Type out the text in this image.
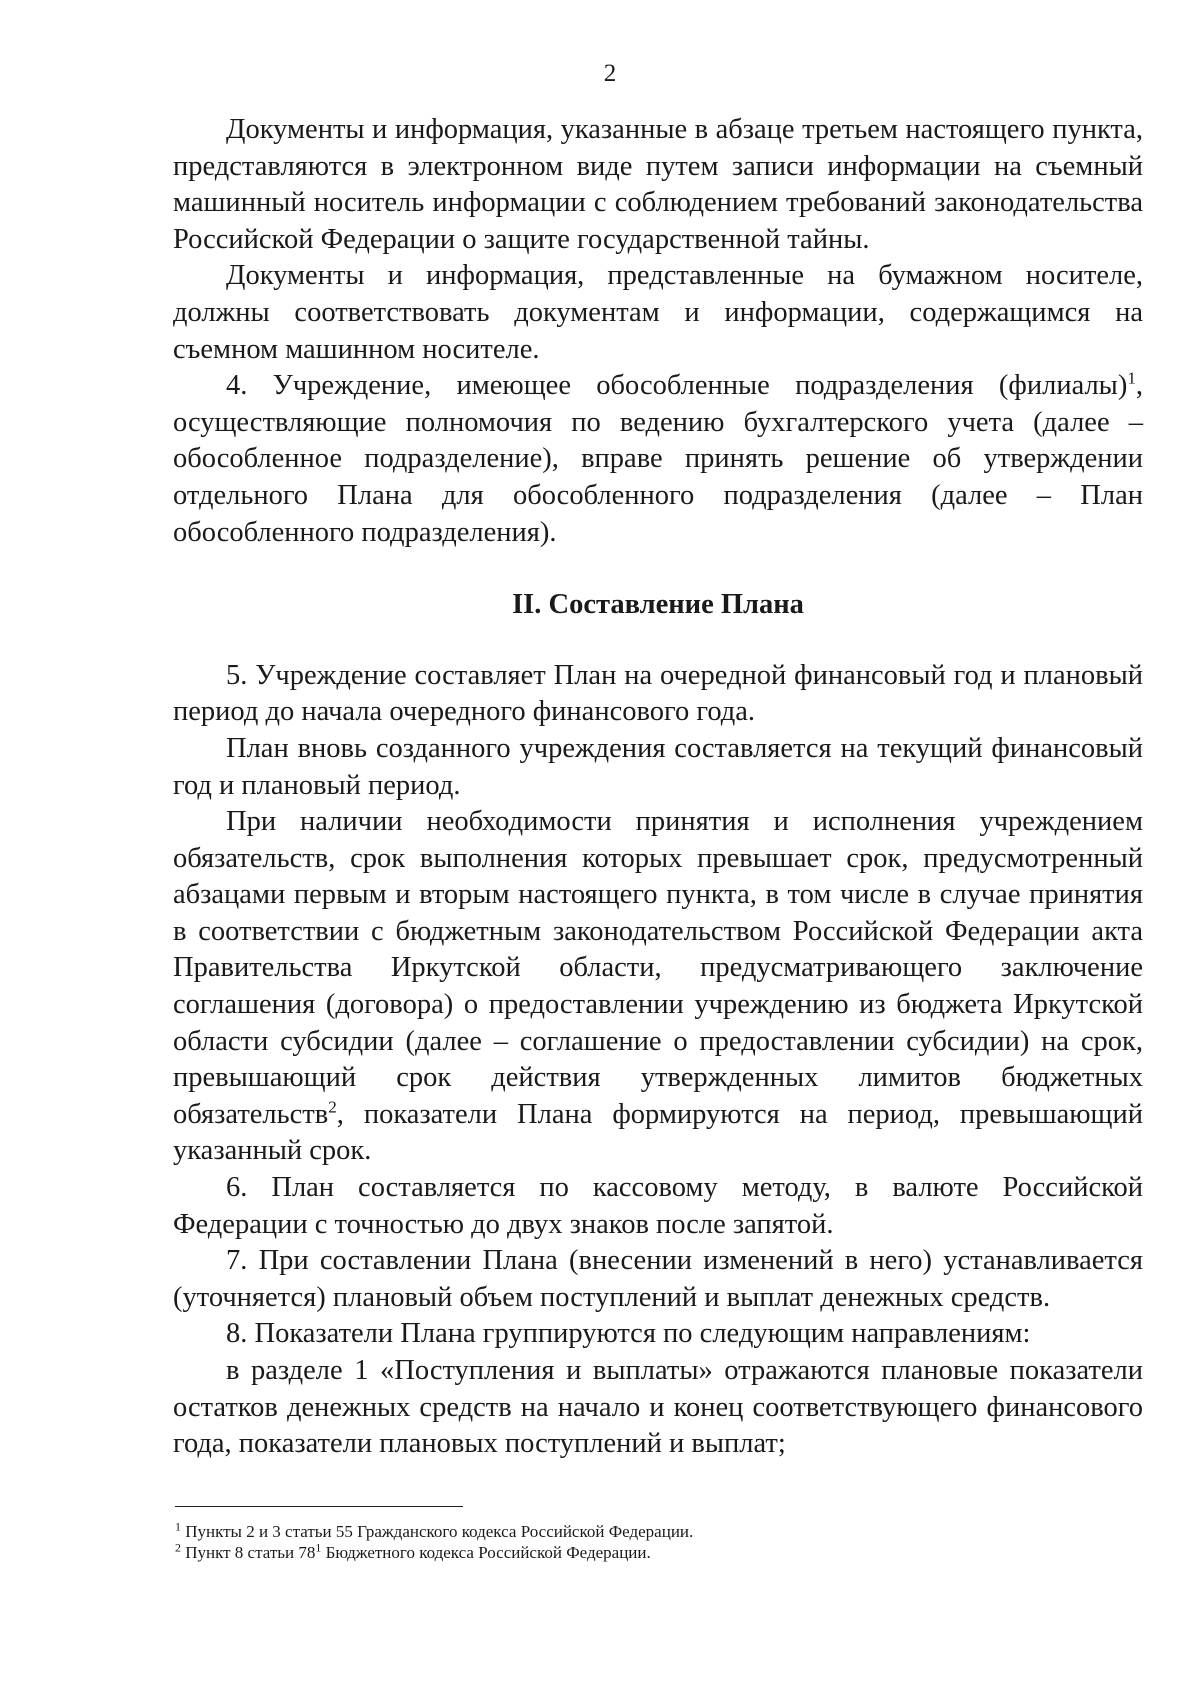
2

Документы и информация, указанные в абзаце третьем настоящего пункта, представляются в электронном виде путем записи информации на съемный машинный носитель информации с соблюдением требований законодательства Российской Федерации о защите государственной тайны.

Документы и информация, представленные на бумажном носителе, должны соответствовать документам и информации, содержащимся на съемном машинном носителе.

4. Учреждение, имеющее обособленные подразделения (филиалы)$^1$, осуществляющие полномочия по ведению бухгалтерского учета (далее – обособленное подразделение), вправе принять решение об утверждении отдельного Плана для обособленного подразделения (далее – План обособленного подразделения).

II. Составление Плана

5. Учреждение составляет План на очередной финансовый год и плановый период до начала очередного финансового года.

План вновь созданного учреждения составляется на текущий финансовый год и плановый период.

При наличии необходимости принятия и исполнения учреждением обязательств, срок выполнения которых превышает срок, предусмотренный абзацами первым и вторым настоящего пункта, в том числе в случае принятия в соответствии с бюджетным законодательством Российской Федерации акта Правительства Иркутской области, предусматривающего заключение соглашения (договора) о предоставлении учреждению из бюджета Иркутской области субсидии (далее – соглашение о предоставлении субсидии) на срок, превышающий срок действия утвержденных лимитов бюджетных обязательств$^2$, показатели Плана формируются на период, превышающий указанный срок.

6. План составляется по кассовому методу, в валюте Российской Федерации с точностью до двух знаков после запятой.

7. При составлении Плана (внесении изменений в него) устанавливается (уточняется) плановый объем поступлений и выплат денежных средств.

8. Показатели Плана группируются по следующим направлениям:

в разделе 1 «Поступления и выплаты» отражаются плановые показатели остатков денежных средств на начало и конец соответствующего финансового года, показатели плановых поступлений и выплат;

$^1$ Пункты 2 и 3 статьи 55 Гражданского кодекса Российской Федерации.
$^2$ Пункт 8 статьи $78^1$ Бюджетного кодекса Российской Федерации.
